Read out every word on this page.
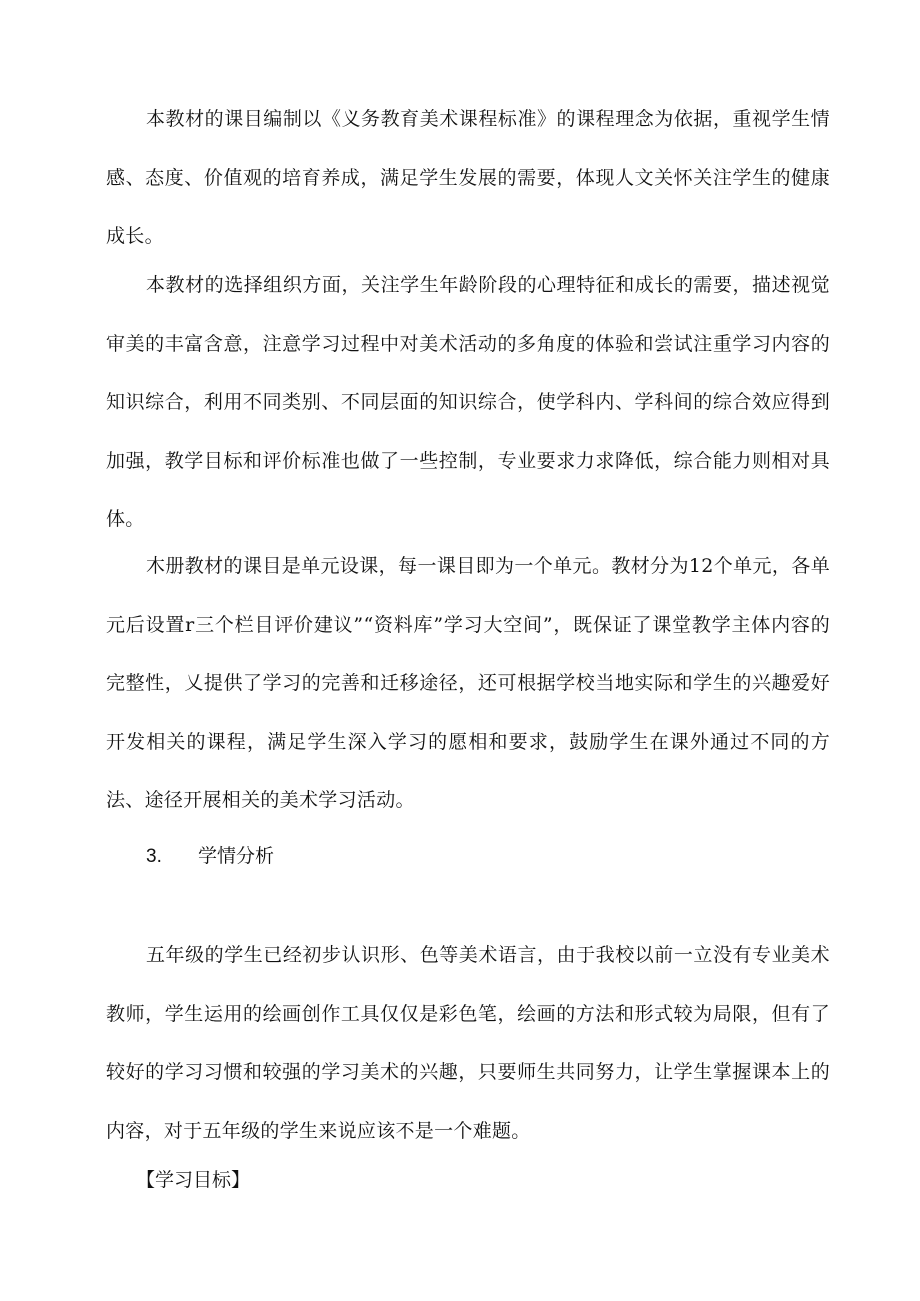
本教材的课目编制以《义务教育美术课程标准》的课程理念为依据，重视学生情感、态度、价值观的培育养成，满足学生发展的需要，体现人文关怀关注学生的健康成长。

本教材的选择组织方面，关注学生年龄阶段的心理特征和成长的需要，描述视觉审美的丰富含意，注意学习过程中对美术活动的多角度的体验和尝试注重学习内容的知识综合，利用不同类别、不同层面的知识综合，使学科内、学科间的综合效应得到加强，教学目标和评价标准也做了一些控制，专业要求力求降低，综合能力则相对具体。

木册教材的课目是单元设课，每一课目即为一个单元。教材分为12个单元，各单元后设置r三个栏目评价建议”“资料库”学习大空间”，既保证了课堂教学主体内容的完整性，乂提供了学习的完善和迁移途径，还可根据学校当地实际和学生的兴趣爱好开发相关的课程，满足学生深入学习的愿相和要求，鼓励学生在课外通过不同的方法、途径开展相关的美术学习活动。

3. 学情分析

五年级的学生已经初步认识形、色等美术语言，由于我校以前一立没有专业美术教师，学生运用的绘画创作工具仅仅是彩色笔，绘画的方法和形式较为局限，但有了较好的学习习惯和较强的学习美术的兴趣，只要师生共同努力，让学生掌握课本上的内容，对于五年级的学生来说应该不是一个难题。

【学习目标】
